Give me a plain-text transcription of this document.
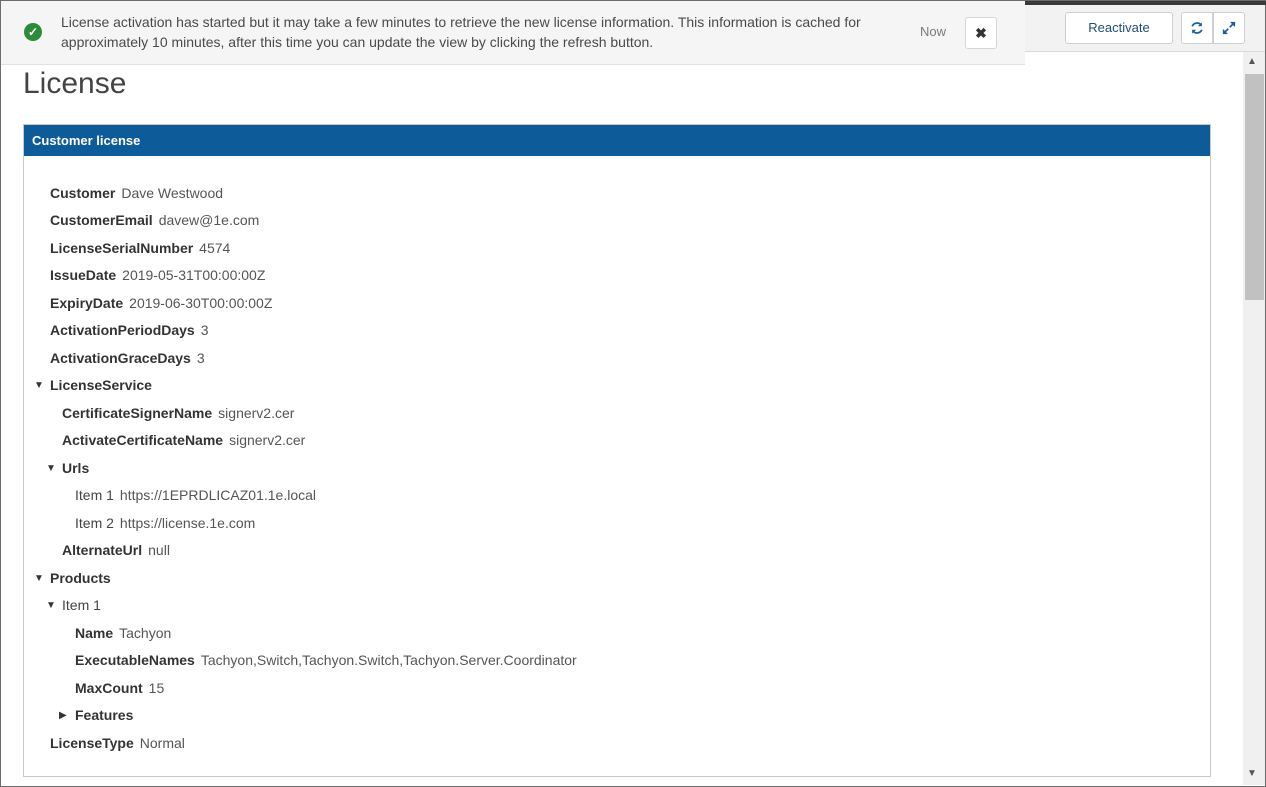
Reactivate
✓
License activation has started but it may take a few minutes to retrieve the new license information. This information is cached for approximately 10 minutes, after this time you can update the view by clicking the refresh button.
Now	✖
License
Customer license
Customer Dave Westwood
CustomerEmail davew@1e.com
LicenseSerialNumber 4574
IssueDate 2019-05-31T00:00:00Z
ExpiryDate 2019-06-30T00:00:00Z
ActivationPeriodDays 3
ActivationGraceDays 3
▼ LicenseService
CertificateSignerName signerv2.cer
ActivateCertificateName signerv2.cer
▼ Urls
Item 1 https://1EPRDLICAZ01.1e.local
Item 2 https://license.1e.com
AlternateUrl null
▼ Products
▼ Item 1
Name Tachyon
ExecutableNames Tachyon,Switch,Tachyon.Switch,Tachyon.Server.Coordinator
MaxCount 15
▶ Features
LicenseType Normal
▲
▼
